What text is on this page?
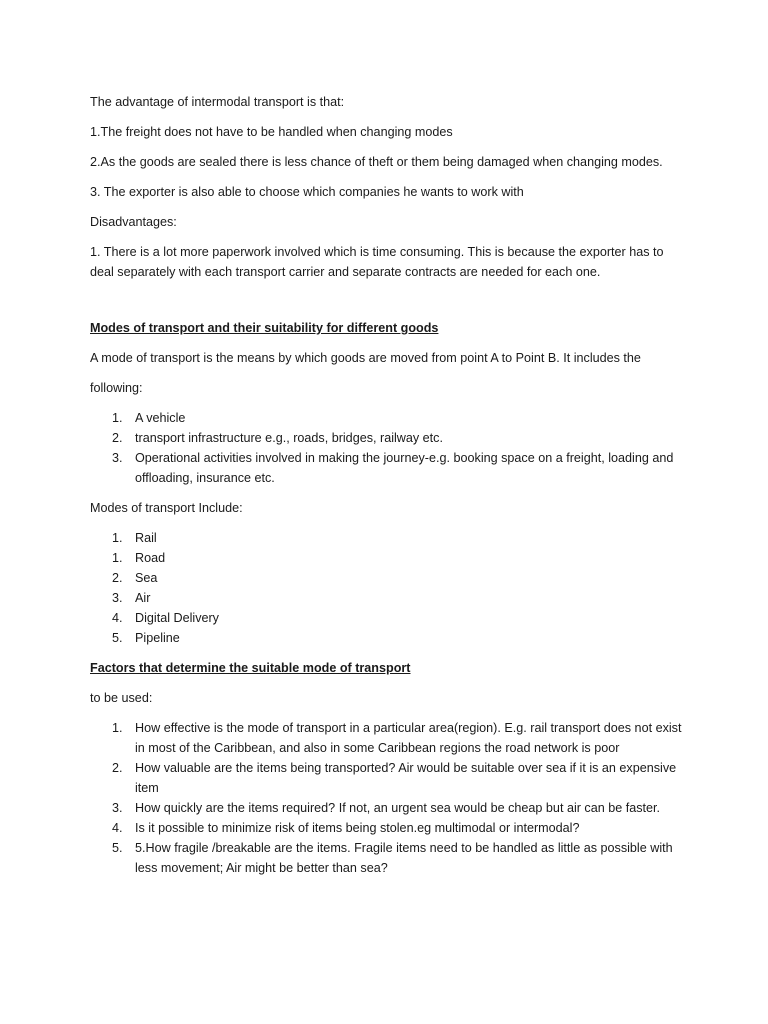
The advantage of intermodal transport is that:

1.The freight does not have to be handled when changing modes

2.As the goods are sealed there is less chance of theft or them being damaged when changing modes.

3. The exporter is also able to choose which companies he wants to work with

Disadvantages:

1. There is a lot more paperwork involved which is time consuming. This is because the exporter has to deal separately with each transport carrier and separate contracts are needed for each one.

Modes of transport and their suitability for different goods

A mode of transport is the means by which goods are moved from point A to Point B. It includes the

following:

1. A vehicle
2. transport infrastructure e.g., roads, bridges, railway etc.
3. Operational activities involved in making the journey-e.g. booking space on a freight, loading and offloading, insurance etc.

Modes of transport Include:

1. Rail
1. Road
2. Sea
3. Air
4. Digital Delivery
5. Pipeline

Factors that determine the suitable mode of transport

to be used:

1. How effective is the mode of transport in a particular area(region). E.g. rail transport does not exist in most of the Caribbean, and also in some Caribbean regions the road network is poor
2. How valuable are the items being transported? Air would be suitable over sea if it is an expensive item
3. How quickly are the items required? If not, an urgent sea would be cheap but air can be faster.
4. Is it possible to minimize risk of items being stolen.eg multimodal or intermodal?
5. 5.How fragile /breakable are the items. Fragile items need to be handled as little as possible with less movement; Air might be better than sea?
